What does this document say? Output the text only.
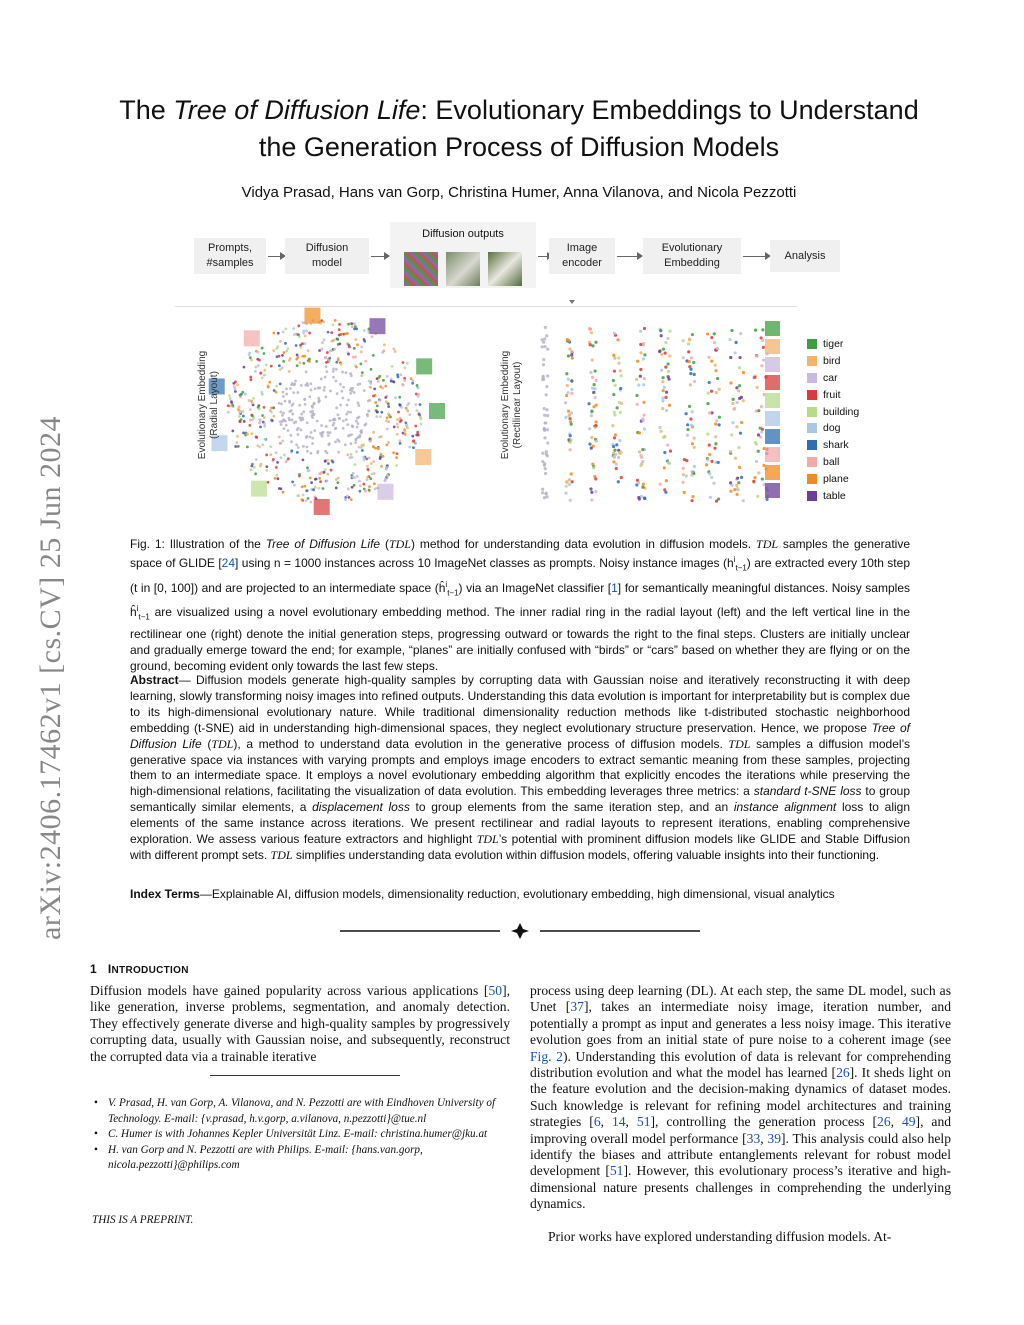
arXiv:2406.17462v1 [cs.CV] 25 Jun 2024
The Tree of Diffusion Life: Evolutionary Embeddings to Understand
the Generation Process of Diffusion Models
Vidya Prasad, Hans van Gorp, Christina Humer, Anna Vilanova, and Nicola Pezzotti
Prompts,
#samples
Diffusion
model
Diffusion outputs
Image
encoder
Evolutionary
Embedding
Analysis
Evolutionary Embedding
(Radial Layout)	Evolutionary Embedding
(Rectilinear Layout)
tiger
bird
car
fruit
building
dog
shark
ball
plane
table
Fig. 1: Illustration of the Tree of Diffusion Life (TDL) method for understanding data evolution in diffusion models. TDL samples the generative space of GLIDE [24] using n = 1000 instances across 10 ImageNet classes as prompts. Noisy instance images $(h^i_{t-1})$ are extracted every 10th step (t in [0, 100]) and are projected to an intermediate space $(ĥ^i_{t-1})$ via an ImageNet classifier [1] for semantically meaningful distances. Noisy samples $ĥ^i_{t-1}$ are visualized using a novel evolutionary embedding method. The inner radial ring in the radial layout (left) and the left vertical line in the rectilinear one (right) denote the initial generation steps, progressing outward or towards the right to the final steps. Clusters are initially unclear and gradually emerge toward the end; for example, “planes” are initially confused with “birds” or “cars” based on whether they are flying or on the ground, becoming evident only towards the last few steps.
Abstract— Diffusion models generate high-quality samples by corrupting data with Gaussian noise and iteratively reconstructing it with deep learning, slowly transforming noisy images into refined outputs. Understanding this data evolution is important for interpretability but is complex due to its high-dimensional evolutionary nature. While traditional dimensionality reduction methods like t-distributed stochastic neighborhood embedding (t-SNE) aid in understanding high-dimensional spaces, they neglect evolutionary structure preservation. Hence, we propose Tree of Diffusion Life (TDL), a method to understand data evolution in the generative process of diffusion models. TDL samples a diffusion model’s generative space via instances with varying prompts and employs image encoders to extract semantic meaning from these samples, projecting them to an intermediate space. It employs a novel evolutionary embedding algorithm that explicitly encodes the iterations while preserving the high-dimensional relations, facilitating the visualization of data evolution. This embedding leverages three metrics: a standard t-SNE loss to group semantically similar elements, a displacement loss to group elements from the same iteration step, and an instance alignment loss to align elements of the same instance across iterations. We present rectilinear and radial layouts to represent iterations, enabling comprehensive exploration. We assess various feature extractors and highlight TDL’s potential with prominent diffusion models like GLIDE and Stable Diffusion with different prompt sets. TDL simplifies understanding data evolution within diffusion models, offering valuable insights into their functioning.
Index Terms—Explainable AI, diffusion models, dimensionality reduction, evolutionary embedding, high dimensional, visual analytics
1 INTRODUCTION
Diffusion models have gained popularity across various applications [50], like generation, inverse problems, segmentation, and anomaly detection. They effectively generate diverse and high-quality samples by progressively corrupting data, usually with Gaussian noise, and subsequently, reconstruct the corrupted data via a trainable iterative
process using deep learning (DL). At each step, the same DL model, such as Unet [37], takes an intermediate noisy image, iteration number, and potentially a prompt as input and generates a less noisy image. This iterative evolution goes from an initial state of pure noise to a coherent image (see Fig. 2). Understanding this evolution of data is relevant for comprehending distribution evolution and what the model has learned [26]. It sheds light on the feature evolution and the decision-making dynamics of dataset modes. Such knowledge is relevant for refining model architectures and training strategies [6, 14, 51], controlling the generation process [26, 49], and improving overall model performance [33, 39]. This analysis could also help identify the biases and attribute entanglements relevant for robust model development [51]. However, this evolutionary process’s iterative and high-dimensional nature presents challenges in comprehending the underlying dynamics.
• V. Prasad, H. van Gorp, A. Vilanova, and N. Pezzotti are with Eindhoven University of Technology. E-mail: {v.prasad, h.v.gorp, a.vilanova, n.pezzotti}@tue.nl
• C. Humer is with Johannes Kepler Universität Linz. E-mail: christina.humer@jku.at
• H. van Gorp and N. Pezzotti are with Philips. E-mail: {hans.van.gorp, nicola.pezzotti}@philips.com
THIS IS A PREPRINT.
Prior works have explored understanding diffusion models. At-
